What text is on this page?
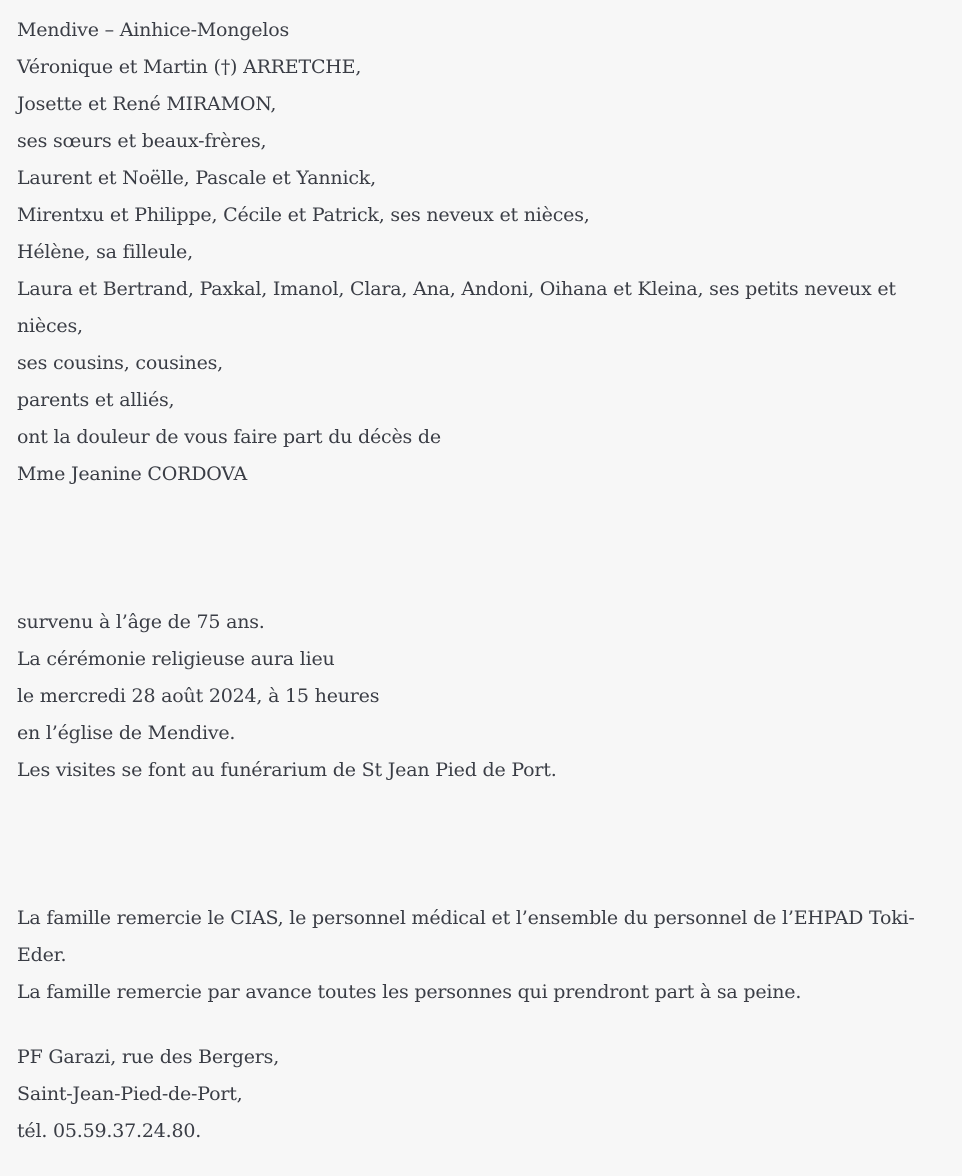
Mendive – Ainhice-Mongelos
Véronique et Martin (†) ARRETCHE,
Josette et René MIRAMON,
ses sœurs et beaux-frères,
Laurent et Noëlle, Pascale et Yannick,
Mirentxu et Philippe, Cécile et Patrick, ses neveux et nièces,
Hélène, sa filleule,
Laura et Bertrand, Paxkal, Imanol, Clara, Ana, Andoni, Oihana et Kleina, ses petits neveux et
nièces,
ses cousins, cousines,
parents et alliés,
ont la douleur de vous faire part du décès de
Mme Jeanine CORDOVA
survenu à l’âge de 75 ans.
La cérémonie religieuse aura lieu
le mercredi 28 août 2024, à 15 heures
en l’église de Mendive.
Les visites se font au funérarium de St Jean Pied de Port.
La famille remercie le CIAS, le personnel médical et l’ensemble du personnel de l’EHPAD Toki-
Eder.
La famille remercie par avance toutes les personnes qui prendront part à sa peine.
PF Garazi, rue des Bergers,
Saint-Jean-Pied-de-Port,
tél. 05.59.37.24.80.
